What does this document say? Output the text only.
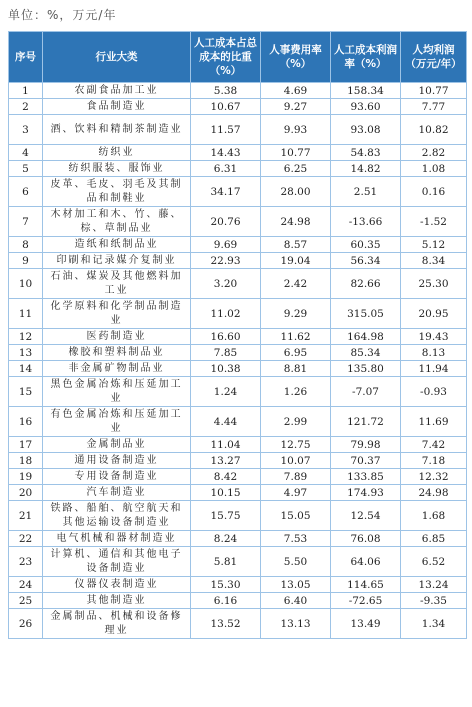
单位：%，万元/年
序号	行业大类	人工成本占总成本的比重（%）	人事费用率（%）	人工成本利润率（%）	人均利润（万元/年）
1	农副食品加工业	5.38	4.69	158.34	10.77
2	食品制造业	10.67	9.27	93.60	7.77
3	酒、饮料和精制茶制造业	11.57	9.93	93.08	10.82
4	纺织业	14.43	10.77	54.83	2.82
5	纺织服装、服饰业	6.31	6.25	14.82	1.08
6	皮革、毛皮、羽毛及其制品和制鞋业	34.17	28.00	2.51	0.16
7	木材加工和木、竹、藤、棕、草制品业	20.76	24.98	-13.66	-1.52
8	造纸和纸制品业	9.69	8.57	60.35	5.12
9	印刷和记录媒介复制业	22.93	19.04	56.34	8.34
10	石油、煤炭及其他燃料加工业	3.20	2.42	82.66	25.30
11	化学原料和化学制品制造业	11.02	9.29	315.05	20.95
12	医药制造业	16.60	11.62	164.98	19.43
13	橡胶和塑料制品业	7.85	6.95	85.34	8.13
14	非金属矿物制品业	10.38	8.81	135.80	11.94
15	黑色金属冶炼和压延加工业	1.24	1.26	-7.07	-0.93
16	有色金属冶炼和压延加工业	4.44	2.99	121.72	11.69
17	金属制品业	11.04	12.75	79.98	7.42
18	通用设备制造业	13.27	10.07	70.37	7.18
19	专用设备制造业	8.42	7.89	133.85	12.32
20	汽车制造业	10.15	4.97	174.93	24.98
21	铁路、船舶、航空航天和其他运输设备制造业	15.75	15.05	12.54	1.68
22	电气机械和器材制造业	8.24	7.53	76.08	6.85
23	计算机、通信和其他电子设备制造业	5.81	5.50	64.06	6.52
24	仪器仪表制造业	15.30	13.05	114.65	13.24
25	其他制造业	6.16	6.40	-72.65	-9.35
26	金属制品、机械和设备修理业	13.52	13.13	13.49	1.34
